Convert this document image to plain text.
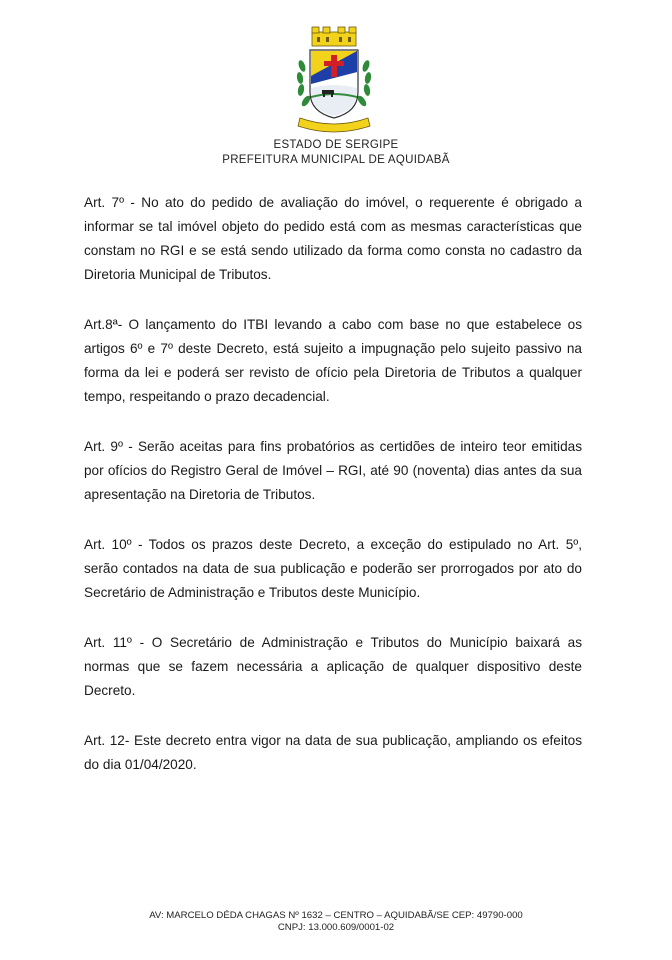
ESTADO DE SERGIPE
PREFEITURA MUNICIPAL DE AQUIDABÃ

Art. 7º - No ato do pedido de avaliação do imóvel, o requerente é obrigado a informar se tal imóvel objeto do pedido está com as mesmas características que constam no RGI e se está sendo utilizado da forma como consta no cadastro da Diretoria Municipal de Tributos.

Art.8ª- O lançamento do ITBI levando a cabo com base no que estabelece os artigos 6º e 7º deste Decreto, está sujeito a impugnação pelo sujeito passivo na forma da lei e poderá ser revisto de ofício pela Diretoria de Tributos a qualquer tempo, respeitando o prazo decadencial.

Art. 9º - Serão aceitas para fins probatórios as certidões de inteiro teor emitidas por ofícios do Registro Geral de Imóvel – RGI, até 90 (noventa) dias antes da sua apresentação na Diretoria de Tributos.

Art. 10º - Todos os prazos deste Decreto, a exceção do estipulado no Art. 5º, serão contados na data de sua publicação e poderão ser prorrogados por ato do Secretário de Administração e Tributos deste Município.

Art. 11º - O Secretário de Administração e Tributos do Município baixará as normas que se fazem necessária a aplicação de qualquer dispositivo deste Decreto.

Art. 12- Este decreto entra vigor na data de sua publicação, ampliando os efeitos do dia 01/04/2020.

AV: MARCELO DÉDA CHAGAS Nº 1632 – CENTRO – AQUIDABÃ/SE CEP: 49790-000
CNPJ: 13.000.609/0001-02
